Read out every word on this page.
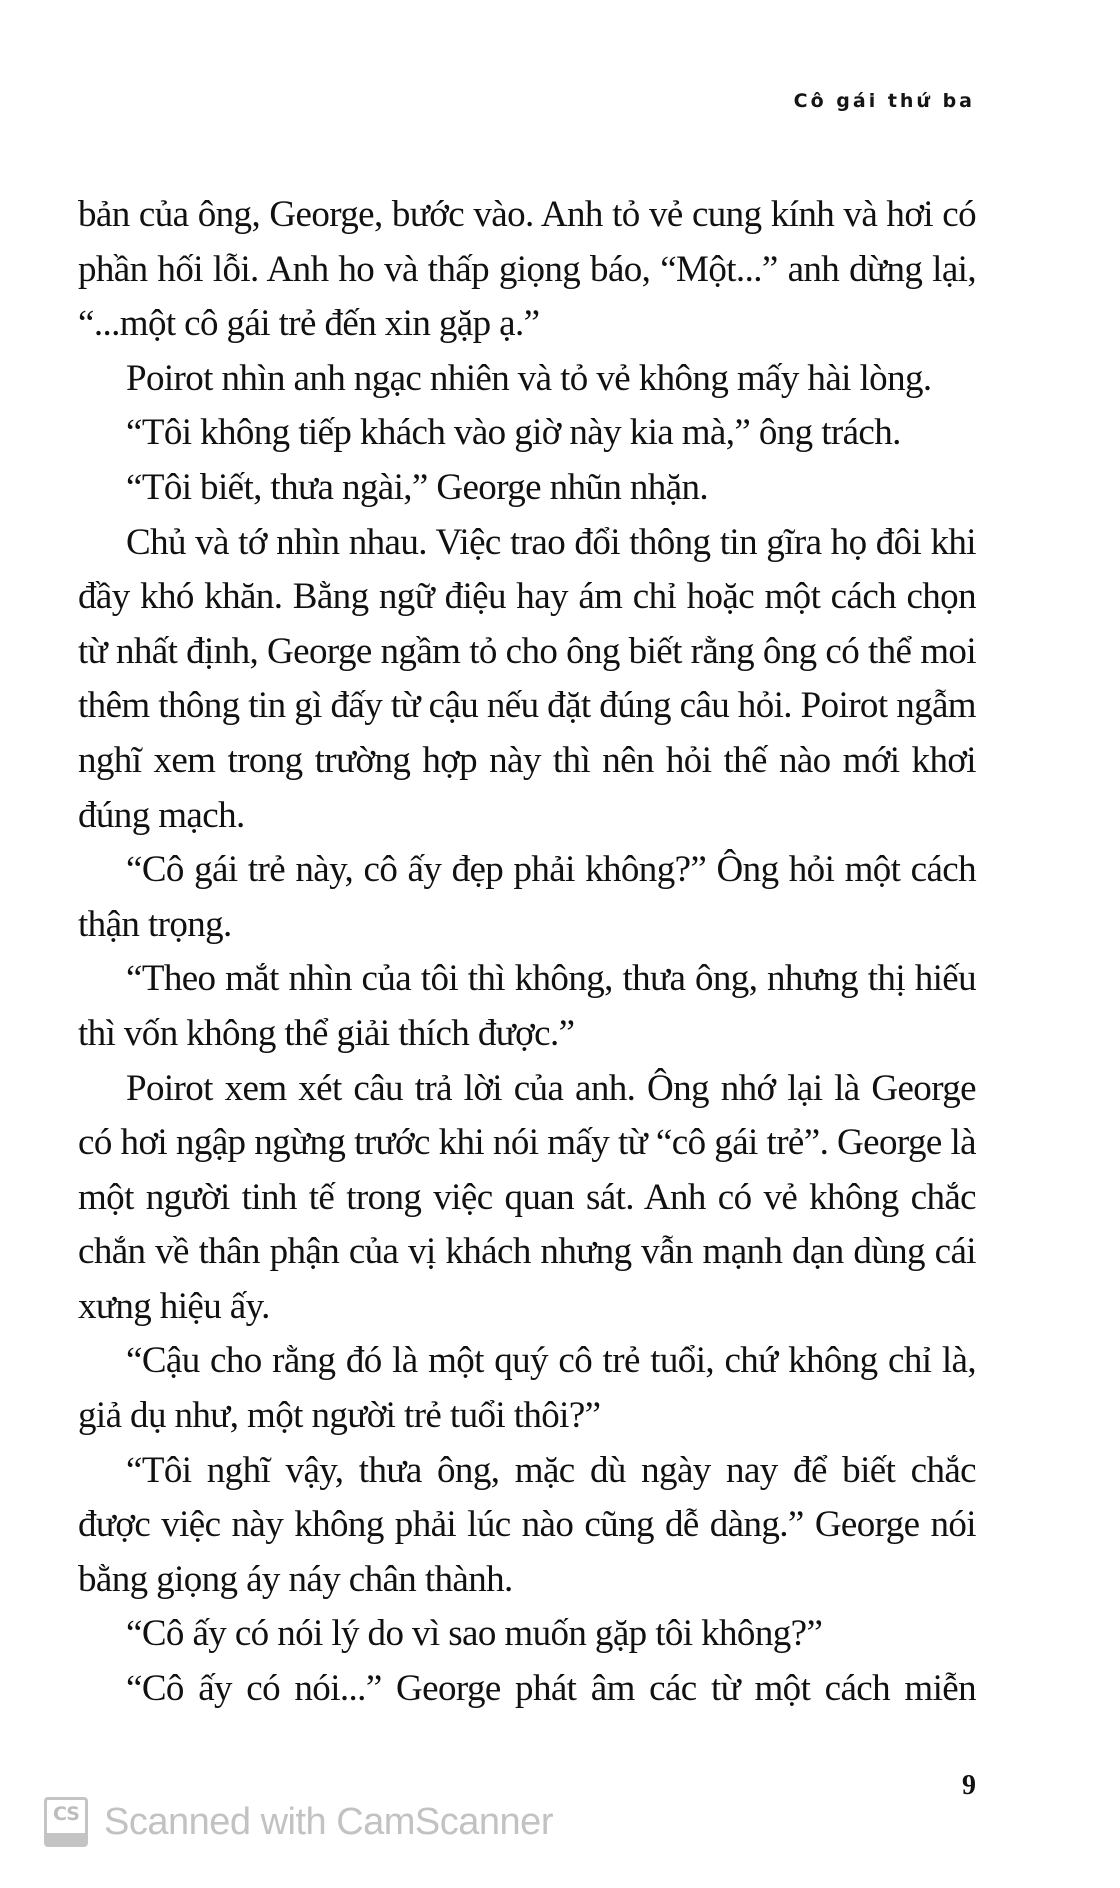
Cô gái thứ ba

bản của ông, George, bước vào. Anh tỏ vẻ cung kính và hơi có phần hối lỗi. Anh ho và thấp giọng báo, “Một...” anh dừng lại, “...một cô gái trẻ đến xin gặp ạ.”

Poirot nhìn anh ngạc nhiên và tỏ vẻ không mấy hài lòng.

“Tôi không tiếp khách vào giờ này kia mà,” ông trách.

“Tôi biết, thưa ngài,” George nhũn nhặn.

Chủ và tớ nhìn nhau. Việc trao đổi thông tin gĩra họ đôi khi đầy khó khăn. Bằng ngữ điệu hay ám chỉ hoặc một cách chọn từ nhất định, George ngầm tỏ cho ông biết rằng ông có thể moi thêm thông tin gì đấy từ cậu nếu đặt đúng câu hỏi. Poirot ngẫm nghĩ xem trong trường hợp này thì nên hỏi thế nào mới khơi đúng mạch.

“Cô gái trẻ này, cô ấy đẹp phải không?” Ông hỏi một cách thận trọng.

“Theo mắt nhìn của tôi thì không, thưa ông, nhưng thị hiếu thì vốn không thể giải thích được.”

Poirot xem xét câu trả lời của anh. Ông nhớ lại là George có hơi ngập ngừng trước khi nói mấy từ “cô gái trẻ”. George là một người tinh tế trong việc quan sát. Anh có vẻ không chắc chắn về thân phận của vị khách nhưng vẫn mạnh dạn dùng cái xưng hiệu ấy.

“Cậu cho rằng đó là một quý cô trẻ tuổi, chứ không chỉ là, giả dụ như, một người trẻ tuổi thôi?”

“Tôi nghĩ vậy, thưa ông, mặc dù ngày nay để biết chắc được việc này không phải lúc nào cũng dễ dàng.” George nói bằng giọng áy náy chân thành.

“Cô ấy có nói lý do vì sao muốn gặp tôi không?”

“Cô ấy có nói...” George phát âm các từ một cách miễn

9
CS Scanned with CamScanner
